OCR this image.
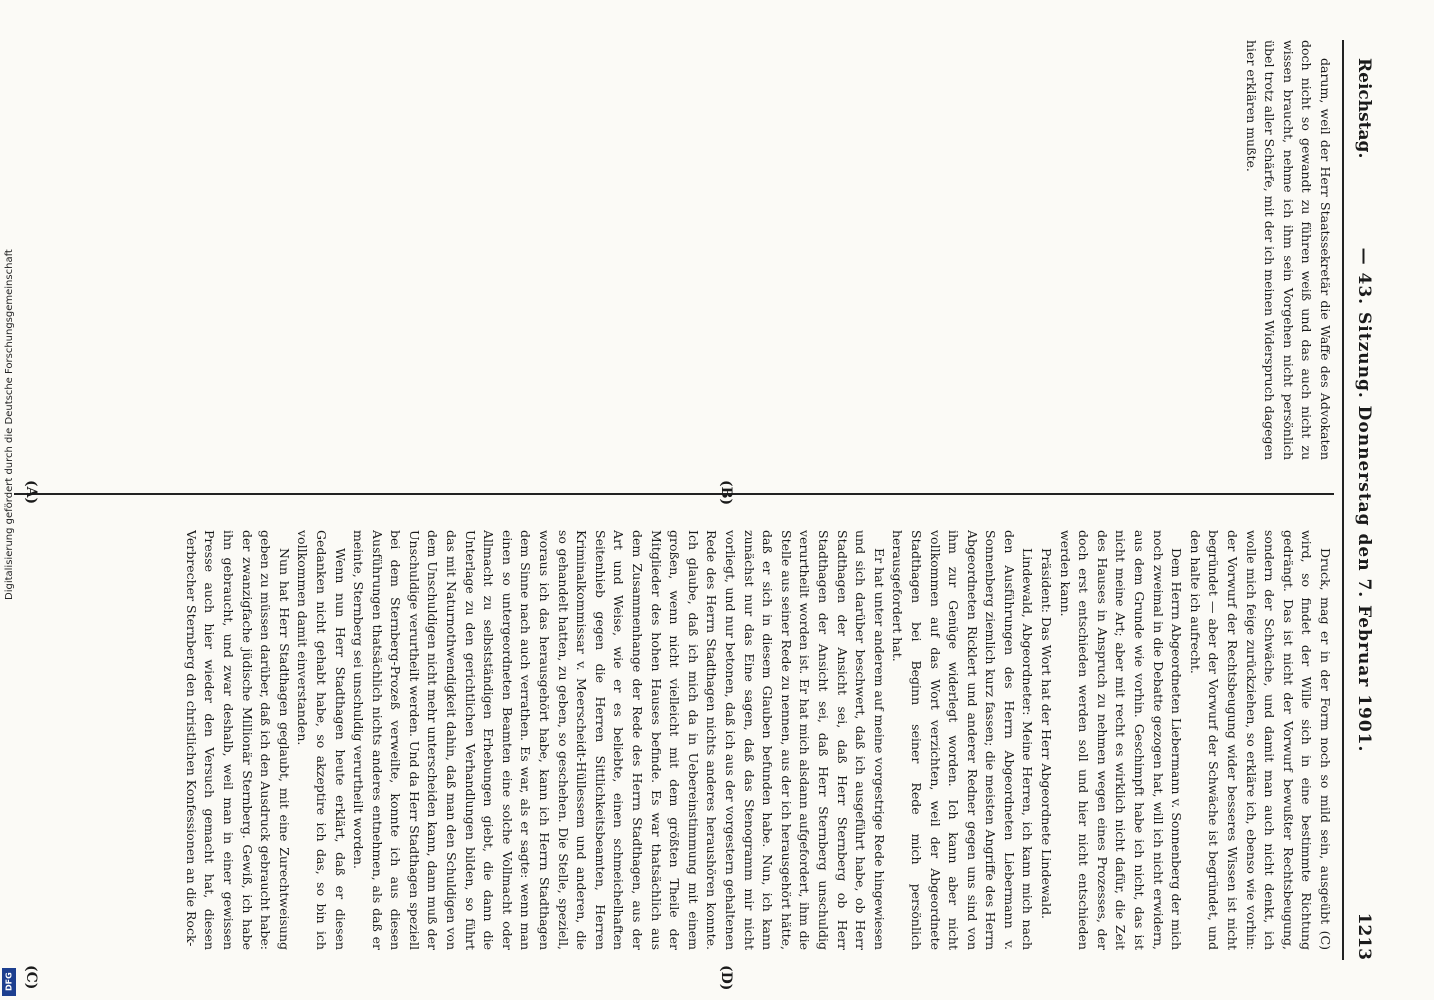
Reichstag.
— 43. Sitzung. Donnerstag den 7. Februar 1901.
1213

darum, weil der Herr Staatssekretär die Waffe des Advokaten doch nicht so gewandt zu führen weiß und das auch nicht zu wissen braucht, nehme ich ihm sein Vorgehen nicht persönlich übel trotz aller Schärfe, mit der ich meinen Widerspruch dagegen hier erklären mußte.

Druck, mag er in der Form noch so mild sein, ausgeübt (C) wird, so findet der Wille sich in eine bestimmte Richtung gedrängt. Das ist nicht der Vorwurf bewußter Rechtsbeugung, sondern der Schwäche, und damit man auch nicht denkt, ich wolle mich feige zurückziehen, so erkläre ich, ebenso wie vorhin: der Vorwurf der Rechtsbeugung wider besseres Wissen ist nicht begründet — aber der Vorwurf der Schwäche ist begründet, und den halte ich aufrecht.

Dem Herrn Abgeordneten Liebermann v. Sonnenberg der mich noch zweimal in die Debatte gezogen hat, will ich nicht erwidern, aus dem Grunde wie vorhin. Geschimpft habe ich nicht, das ist nicht meine Art; aber mit recht es wirklich nicht dafür, die Zeit des Hauses in Anspruch zu nehmen wegen eines Prozesses, der doch erst entschieden werden soll und hier nicht entschieden werden kann.

Präsident: Das Wort hat der Herr Abgeordnete Lindewald.

Lindewald, Abgeordneter: Meine Herren, ich kann mich nach den Ausführungen des Herrn Abgeordneten Liebermann v. Sonnenberg ziemlich kurz fassen; die meisten Angriffe des Herrn Abgeordneten Ricklert und anderer Redner gegen uns sind von ihm zur Genüge widerlegt worden. Ich kann aber nicht vollkommen auf das Wort verzichten, weil der Abgeordnete Stadthagen bei Beginn seiner Rede mich persönlich herausgefordert hat.

Er hat unter anderem auf meine vorgestrige Rede hingewiesen und sich darüber beschwert, daß ich ausgeführt habe, ob Herr Stadthagen der Ansicht sei, daß Herr Sternberg ob Herr Stadthagen der Ansicht sei, daß Herr Sternberg unschuldig verurtheilt worden ist. Er hat mich alsdann aufgefordert, ihm die Stelle aus seiner Rede zu nennen, aus der ich herausgehört hätte, daß er sich in diesem Glauben befunden habe. Nun, ich kann zunächst nur das Eine sagen, daß das Stenogramm mir nicht vorliegt, und nur betonen, daß ich aus der vorgestern gehaltenen Rede des Herrn Stadthagen nichts anderes heraushören konnte. Ich glaube, daß ich mich da in Uebereinstimmung mit einem großen, wenn nicht vielleicht mit dem größten Theile der Mitglieder des hohen Hauses befinde. Es war thatsächlich aus dem Zusammenhange der Rede des Herrn Stadthagen, aus der Art und Weise, wie er es beliebte, einen schmeichelhaften Seitenhieb gegen die Herren Sittlichkeitsbeamten, Herren Kriminalkommissar v. Meerscheidt-Hüllessem und anderen, die so gehandelt hatten, zu geben, so geschehen. Die Stelle, speziell, woraus ich das herausgehört habe, kann ich Herrn Stadthagen dem Sinne nach auch verrathen. Es war, als er sagte: wenn man einen so untergeordneten Beamten eine solche Vollmacht oder Allmacht zu selbstständigen Erhebungen giebt, die dann die Unterlage zu den gerichtlichen Verhandlungen bilden, so führt das mit Naturnothwendigkeit dahin, daß man den Schuldigen von dem Unschuldigen nicht mehr unterscheiden kann, dann muß der Unschuldige verurtheilt werden. Und da Herr Stadthagen speziell bei dem Sternberg-Prozeß verweilte, konnte ich aus diesen Ausführungen thatsächlich nichts anderes entnehmen, als daß er meinte, Sternberg sei unschuldig verurtheilt worden.

Wenn nun Herr Stadthagen heute erklärt, daß er diesen Gedanken nicht gehabt habe, so akzeptire ich das, so bin ich vollkommen damit einverstanden.

Nun hat Herr Stadthagen geglaubt, mit eine Zurechtweisung geben zu müssen darüber, daß ich den Ausdruck gebraucht habe: der zwanzigfache jüdische Millionär Sternberg. Gewiß, ich habe ihn gebraucht, und zwar deshalb, weil man in einer gewissen Presse auch hier wieder den Versuch gemacht hat, diesen Verbrecher Sternberg den christlichen Konfessionen an die Rock-

(A)	(B)
(C)	(D)
Digitalisierung gefördert durch die Deutsche Forschungsgemeinschaft
DFG
